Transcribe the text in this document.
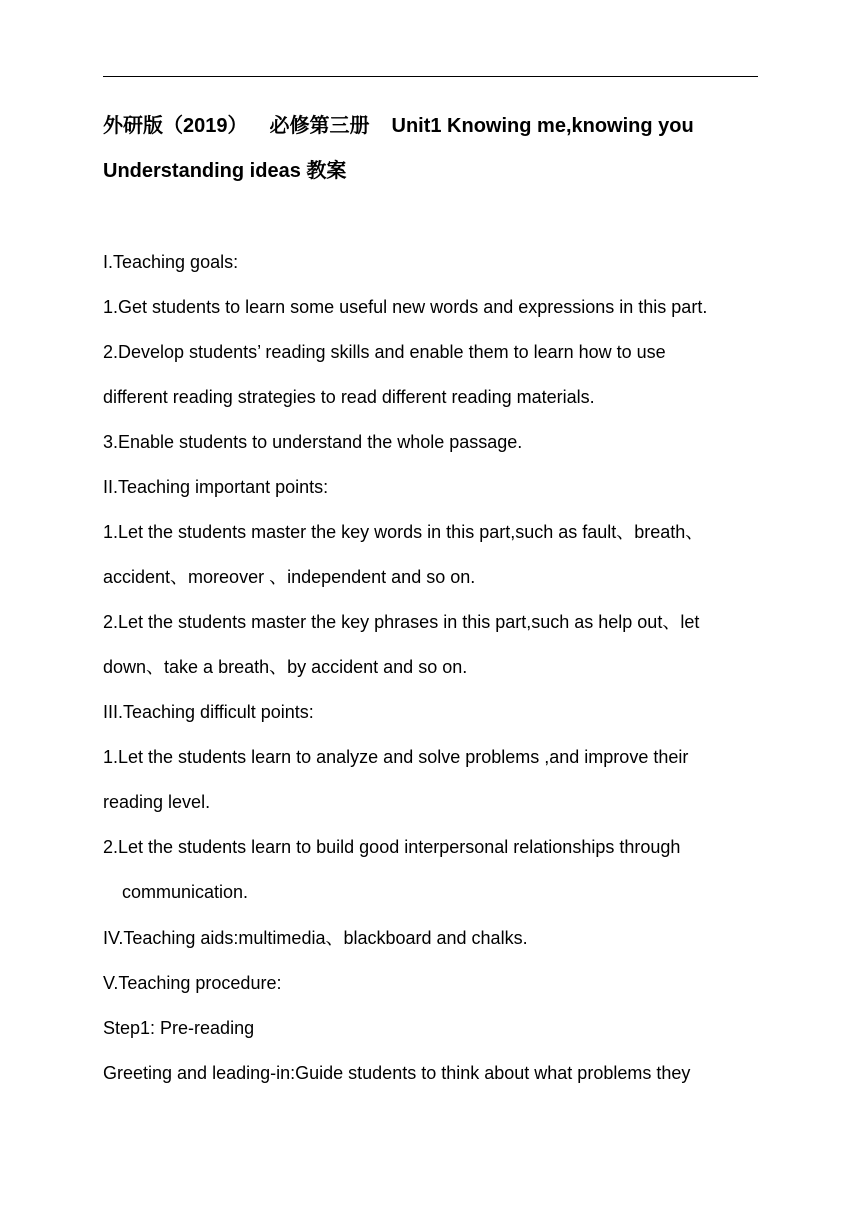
外研版（2019） 必修第三册 Unit1 Knowing me,knowing you
Understanding ideas 教案
I.Teaching goals:
1.Get students to learn some useful new words and expressions in this part.
2.Develop students’ reading skills and enable them to learn how to use
different reading strategies to read different reading materials.
3.Enable students to understand the whole passage.
II.Teaching important points:
1.Let the students master the key words in this part,such as fault、breath、
accident、moreover 、independent and so on.
2.Let the students master the key phrases in this part,such as help out、let
down、take a breath、by accident and so on.
III.Teaching difficult points:
1.Let the students learn to analyze and solve problems ,and improve their
reading level.
2.Let the students learn to build good interpersonal relationships through
communication.
IV.Teaching aids:multimedia、blackboard and chalks.
V.Teaching procedure:
Step1: Pre-reading
Greeting and leading-in:Guide students to think about what problems they
